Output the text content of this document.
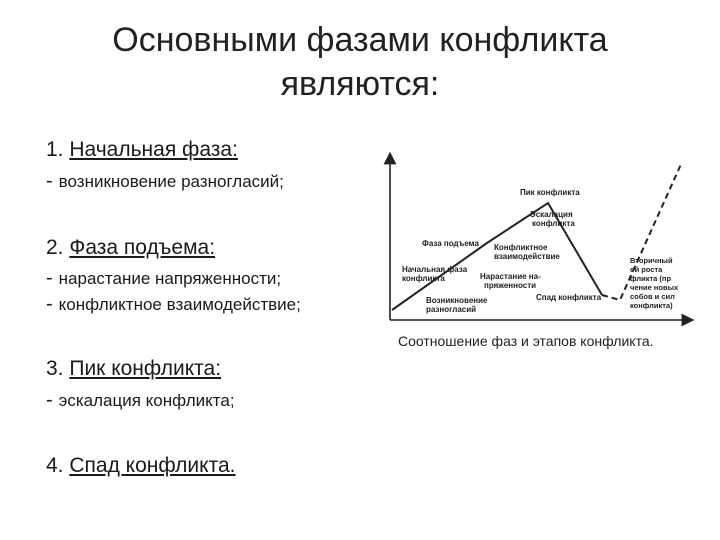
Основными фазами конфликта
являются:
1. Начальная фаза:
- возникновение разногласий;
2. Фаза подъема:
- нарастание напряженности;
- конфликтное взаимодействие;
3. Пик конфликта:
- эскалация конфликта;
4. Спад конфликта.
Пик конфликта
Эскалация
конфликта
Фаза подъема Конфликтное
взаимодействие
Начальная фаза
конфликта	Нарастание на-
пряженности
Возникновение
разногласий
Спад конфликта
Вторичный
ой роста
фликта (пр
чение новых
собов и сил
конфликта)
Соотношение фаз и этапов конфликта.
